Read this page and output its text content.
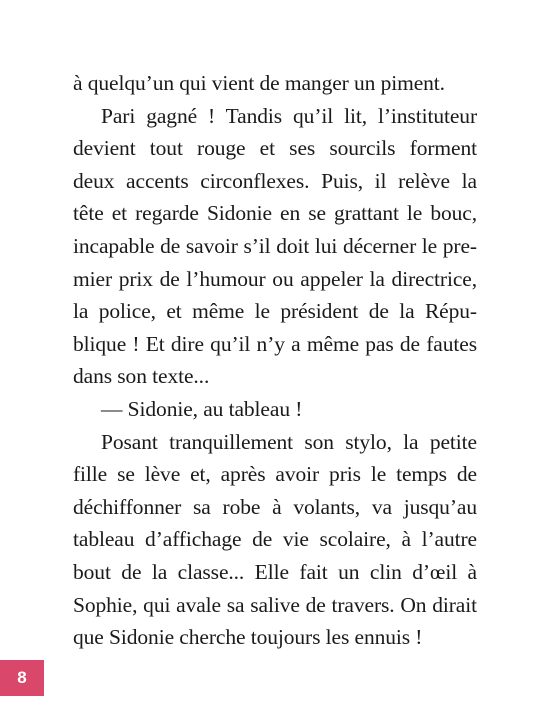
à quelqu’un qui vient de manger un piment.
Pari gagné ! Tandis qu’il lit, l’instituteur
devient tout rouge et ses sourcils forment
deux accents circonflexes. Puis, il relève la
tête et regarde Sidonie en se grattant le bouc,
incapable de savoir s’il doit lui décerner le pre-
mier prix de l’humour ou appeler la directrice,
la police, et même le président de la Répu-
blique ! Et dire qu’il n’y a même pas de fautes
dans son texte...
— Sidonie, au tableau !
Posant tranquillement son stylo, la petite
fille se lève et, après avoir pris le temps de
déchiffonner sa robe à volants, va jusqu’au
tableau d’affichage de vie scolaire, à l’autre
bout de la classe... Elle fait un clin d’œil à
Sophie, qui avale sa salive de travers. On dirait
que Sidonie cherche toujours les ennuis !
8
